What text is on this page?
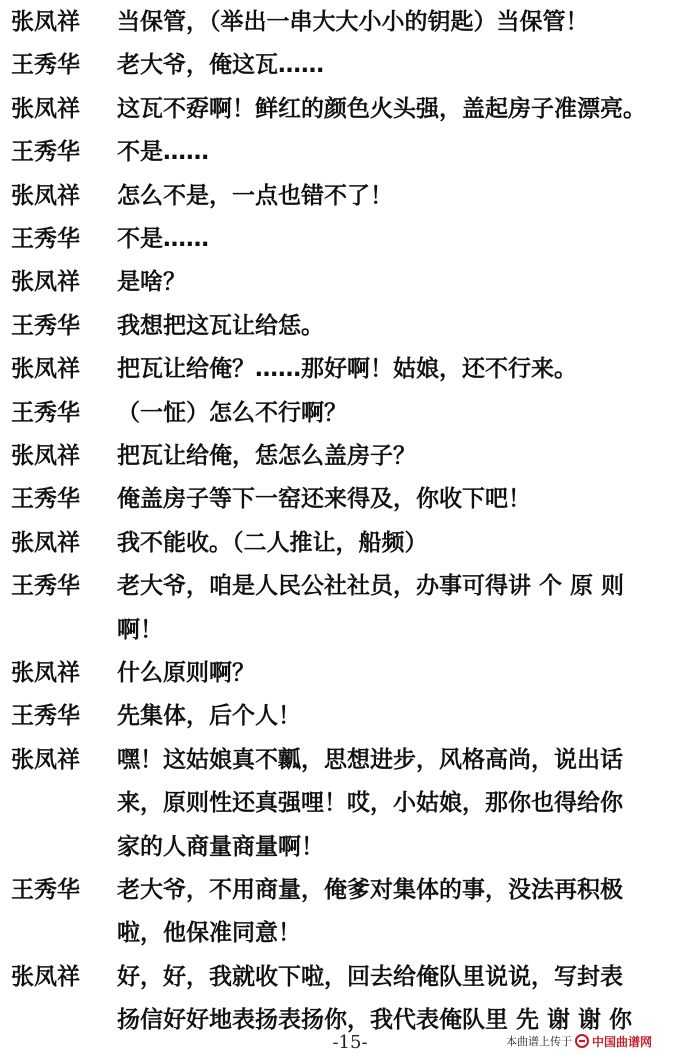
张凤祥	当保管，（举出一串大大小小的钥匙）当保管！
王秀华	老大爷，俺这瓦……
张凤祥	这瓦不孬啊！鲜红的颜色火头强，盖起房子准漂亮。
王秀华	不是……
张凤祥	怎么不是，一点也错不了！
王秀华	不是……
张凤祥	是啥？
王秀华	我想把这瓦让给恁。
张凤祥	把瓦让给俺？……那好啊！姑娘，还不行来。
王秀华	（一怔）怎么不行啊？
张凤祥	把瓦让给俺，恁怎么盖房子？
王秀华	俺盖房子等下一窑还来得及，你收下吧！
张凤祥	我不能收。（二人推让，船频）
王秀华	老大爷，咱是人民公社社员，办事可得讲 个 原 则
啊！
张凤祥	什么原则啊？
王秀华	先集体，后个人！
张凤祥	嘿！这姑娘真不瓤，思想进步，风格高尚，说出话
来，原则性还真强哩！哎，小姑娘，那你也得给你
家的人商量商量啊！
王秀华	老大爷，不用商量，俺爹对集体的事，没法再积极
啦，他保准同意！
张凤祥	好，好，我就收下啦，回去给俺队里说说，写封表
扬信好好地表扬表扬你，我代表俺队里 先 谢 谢 你
-15-	本曲谱上传于 中国曲谱网
